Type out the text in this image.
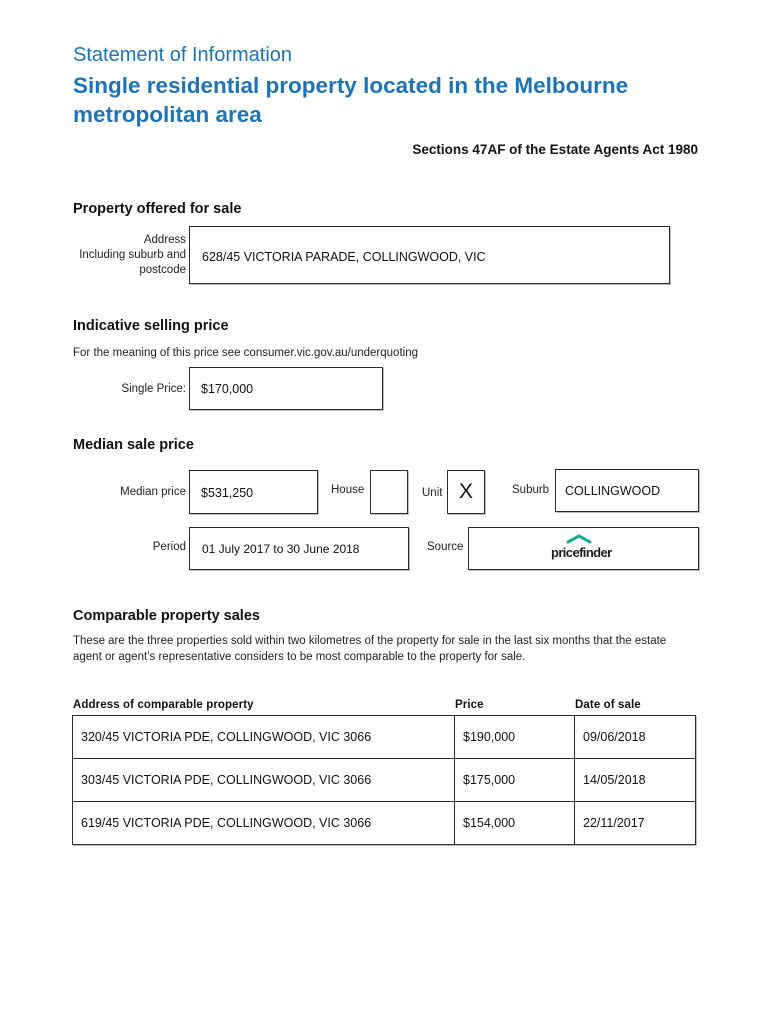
Statement of Information
Single residential property located in the Melbourne metropolitan area
Sections 47AF of the Estate Agents Act 1980
Property offered for sale
Address
Including suburb and
postcode
628/45 VICTORIA PARADE, COLLINGWOOD, VIC
Indicative selling price
For the meaning of this price see consumer.vic.gov.au/underquoting
Single Price: $170,000
Median sale price
Median price $531,250	House	Unit X	Suburb COLLINGWOOD
Period 01 July 2017 to 30 June 2018	Source	pricefinder
Comparable property sales
These are the three properties sold within two kilometres of the property for sale in the last six months that the estate agent or agent’s representative considers to be most comparable to the property for sale.
Address of comparable property	Price	Date of sale
320/45 VICTORIA PDE, COLLINGWOOD, VIC 3066	$190,000	09/06/2018
303/45 VICTORIA PDE, COLLINGWOOD, VIC 3066	$175,000	14/05/2018
619/45 VICTORIA PDE, COLLINGWOOD, VIC 3066	$154,000	22/11/2017
